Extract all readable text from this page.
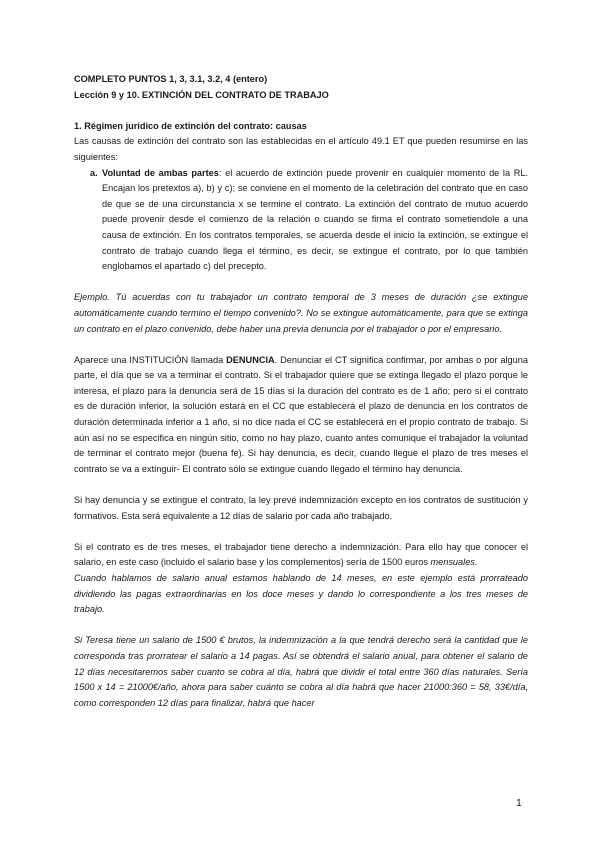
COMPLETO PUNTOS 1, 3, 3.1, 3.2, 4 (entero)

Lección 9 y 10. EXTINCIÓN DEL CONTRATO DE TRABAJO

1. Régimen jurídico de extinción del contrato: causas

Las causas de extinción del contrato son las establecidas en el artículo 49.1 ET que pueden resumirse en las siguientes:

a. Voluntad de ambas partes: el acuerdo de extinción puede provenir en cualquier momento de la RL. Encajan los pretextos a), b) y c); se conviene en el momento de la celebración del contrato que en caso de que se de una circunstancia x se termine el contrato. La extinción del contrato de mutuo acuerdo puede provenir desde el comienzo de la relación o cuando se firma el contrato sometiendole a una causa de extinción. En los contratos temporales, se acuerda desde el inicio la extinción, se extingue el contrato de trabajo cuando llega el término, es decir, se extingue el contrato, por lo que también englobamos el apartado c) del precepto.

Ejemplo. Tú acuerdas con tu trabajador un contrato temporal de 3 meses de duración ¿se extingue automáticamente cuando termino el tiempo convenido?. No se extingue automáticamente, para que se extinga un contrato en el plazo convenido, debe haber una previa denuncia por el trabajador o por el empresario.

Aparece una INSTITUCIÓN llamada DENUNCIA. Denunciar el CT significa confirmar, por ambas o por alguna parte, el día que se va a terminar el contrato. Si el trabajador quiere que se extinga llegado el plazo porque le interesa, el plazo para la denuncia será de 15 días si la duración del contrato es de 1 año; pero si el contrato es de duración inferior, la solución estará en el CC que establecerá el plazo de denuncia en los contratos de duración determinada inferior a 1 año, si no dice nada el CC se establecerá en el propio contrato de trabajo. Si aún así no se especifica en ningún sitio, como no hay plazo, cuanto antes comunique el trabajador la voluntad de terminar el contrato mejor (buena fe). Si hay denuncia, es decir, cuando llegue el plazo de tres meses el contrato se va a extinguir- El contrato sólo se extingue cuando llegado el término hay denuncia.

Si hay denuncia y se extingue el contrato, la ley prevé indemnización excepto en los contratos de sustitución y formativos. Esta será equivalente a 12 días de salario por cada año trabajado.

Si el contrato es de tres meses, el trabajador tiene derecho a indemnización. Para ello hay que conocer el salario, en este caso (incluido el salario base y los complementos) sería de 1500 euros mensuales.

Cuando hablamos de salario anual estamos hablando de 14 meses, en este ejemplo está prorrateado dividiendo las pagas extraordinarias en los doce meses y dando lo correspondiente a los tres meses de trabajo.

Si Teresa tiene un salario de 1500 € brutos, la indemnización a la que tendrá derecho será la cantidad que le corresponda tras prorratear el salario a 14 pagas. Así se obtendrá el salario anual, para obtener el salario de 12 días necesitaremos saber cuanto se cobra al día, habrá que dividir el total entre 360 días naturales. Sería 1500 x 14 = 21000€/año, ahora para saber cuánto se cobra al día habrá que hacer 21000:360 = 58, 33€/día, como corresponden 12 días para finalizar, habrá que hacer

1
